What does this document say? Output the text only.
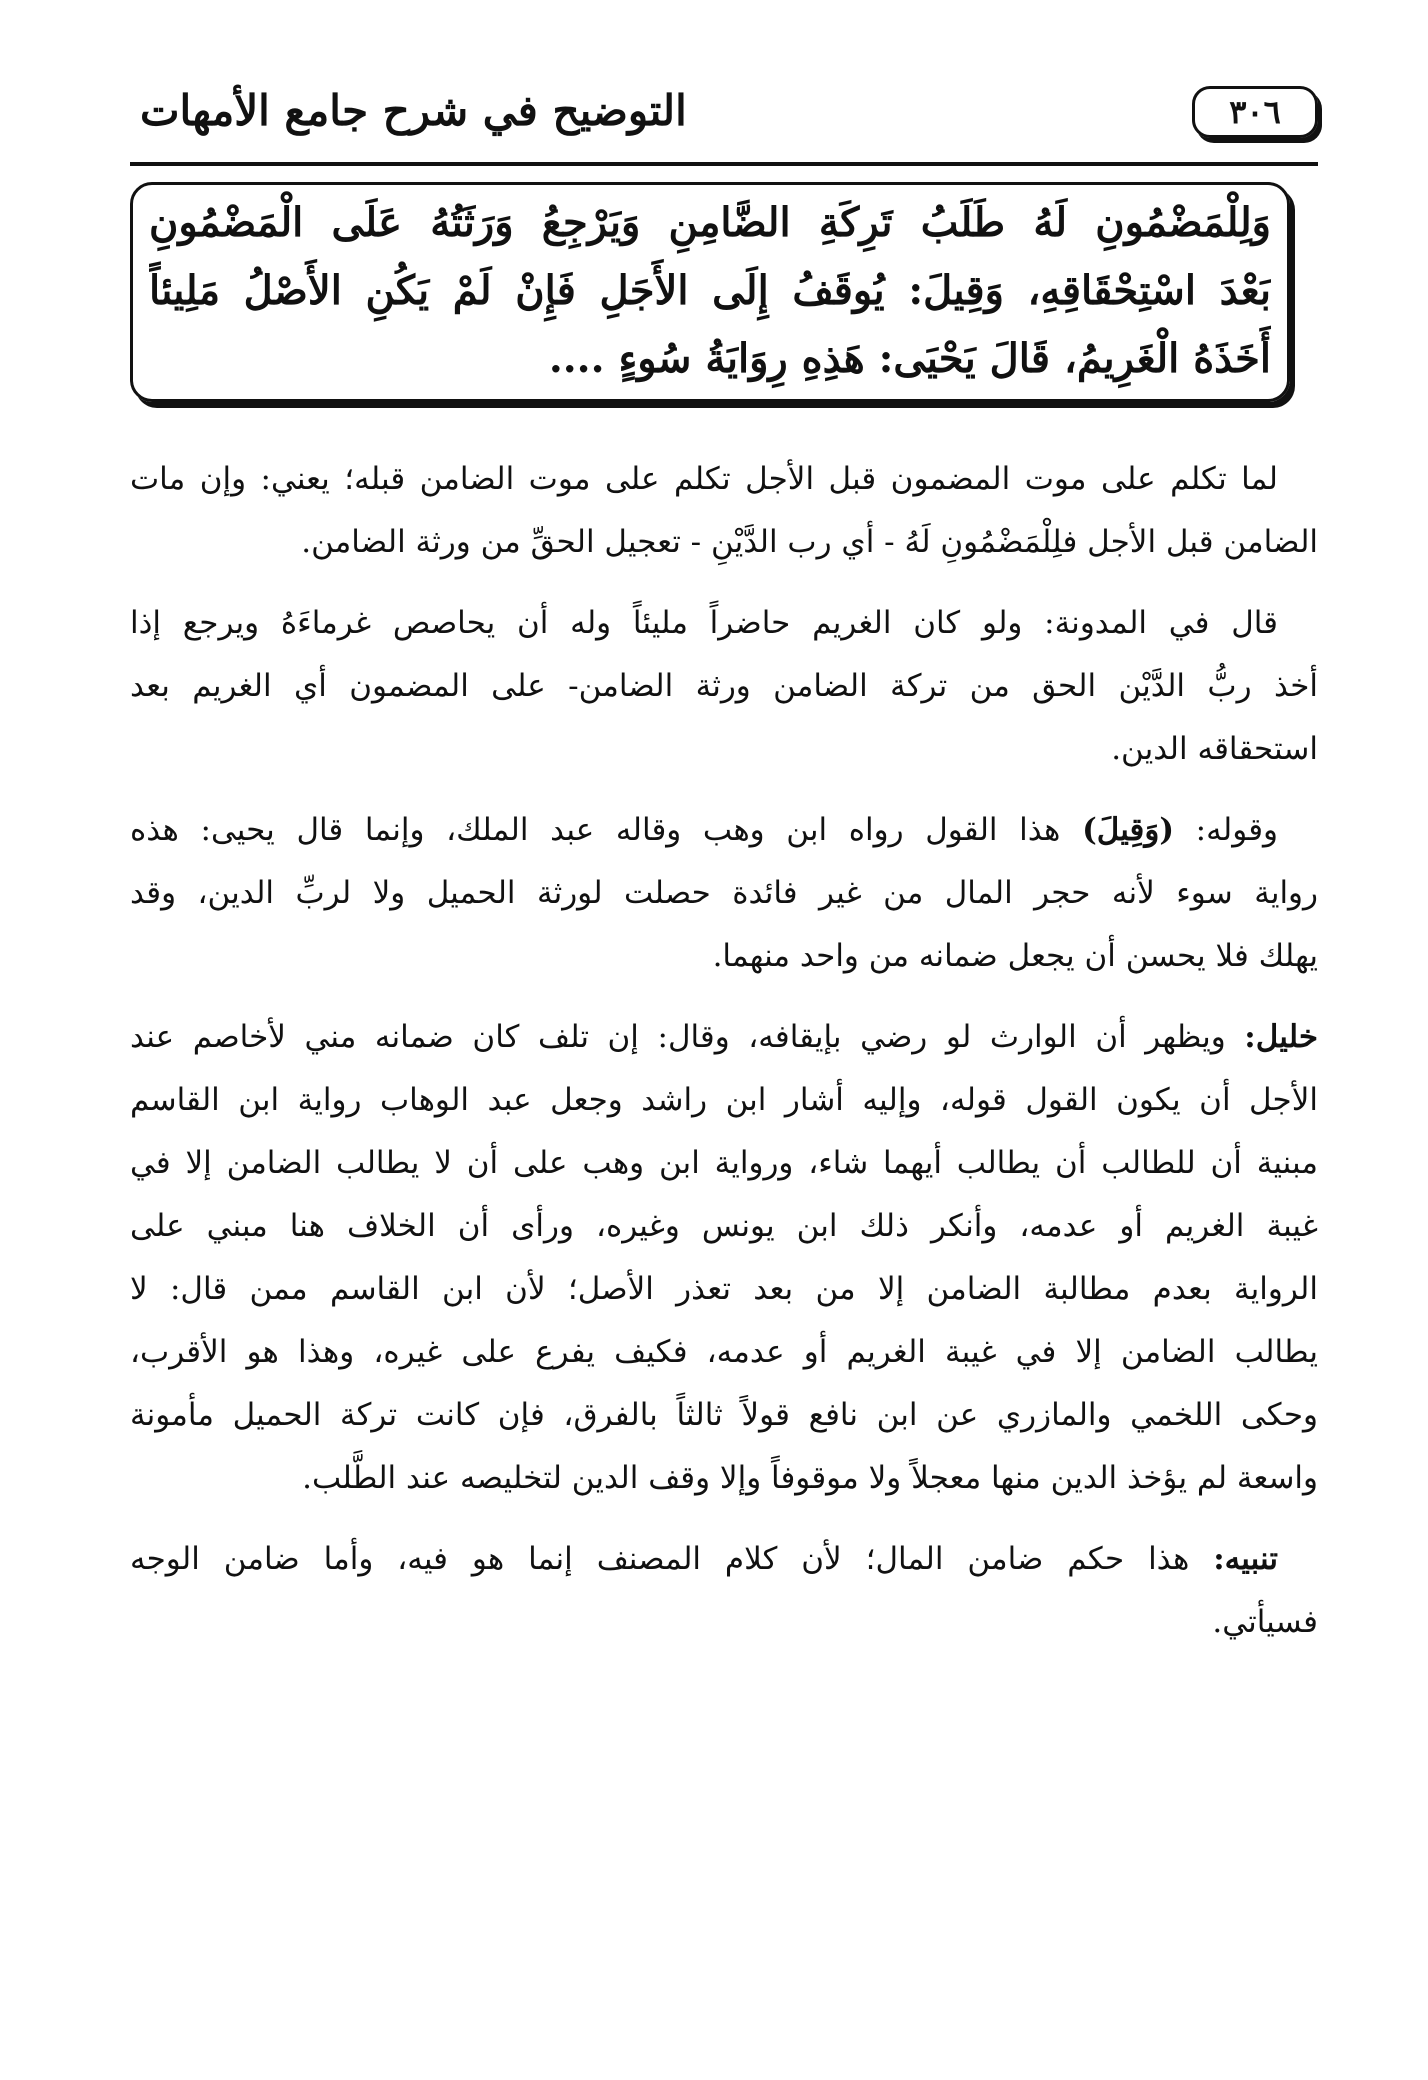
٣٠٦
التوضيح في شرح جامع الأمهات
وَلِلْمَضْمُونِ لَهُ طَلَبُ تَرِكَةِ الضَّامِنِ وَيَرْجِعُ وَرَثَتُهُ عَلَى الْمَضْمُونِ
بَعْدَ اسْتِحْقَاقِهِ، وَقِيلَ: يُوقَفُ إِلَى الأَجَلِ فَإِنْ لَمْ يَكُنِ الأَصْلُ مَلِيئاً
أَخَذَهُ الْغَرِيمُ، قَالَ يَحْيَى: هَذِهِ رِوَايَةُ سُوءٍ ....
لما تكلم على موت المضمون قبل الأجل تكلم على موت الضامن قبله؛ يعني: وإن مات
الضامن قبل الأجل فلِلْمَضْمُونِ لَهُ - أي رب الدَّيْنِ - تعجيل الحقِّ من ورثة الضامن.
قال في المدونة: ولو كان الغريم حاضراً مليئاً وله أن يحاصص غرماءَهُ ويرجع إذا
أخذ ربُّ الدَّيْن الحق من تركة الضامن ورثة الضامن- على المضمون أي الغريم بعد
استحقاقه الدين.
وقوله: (وَقِيلَ) هذا القول رواه ابن وهب وقاله عبد الملك، وإنما قال يحيى: هذه
رواية سوء لأنه حجر المال من غير فائدة حصلت لورثة الحميل ولا لربِّ الدين، وقد
يهلك فلا يحسن أن يجعل ضمانه من واحد منهما.
خليل: ويظهر أن الوارث لو رضي بإيقافه، وقال: إن تلف كان ضمانه مني لأخاصم عند
الأجل أن يكون القول قوله، وإليه أشار ابن راشد وجعل عبد الوهاب رواية ابن القاسم
مبنية أن للطالب أن يطالب أيهما شاء، ورواية ابن وهب على أن لا يطالب الضامن إلا في
غيبة الغريم أو عدمه، وأنكر ذلك ابن يونس وغيره، ورأى أن الخلاف هنا مبني على
الرواية بعدم مطالبة الضامن إلا من بعد تعذر الأصل؛ لأن ابن القاسم ممن قال: لا
يطالب الضامن إلا في غيبة الغريم أو عدمه، فكيف يفرع على غيره، وهذا هو الأقرب،
وحكى اللخمي والمازري عن ابن نافع قولاً ثالثاً بالفرق، فإن كانت تركة الحميل مأمونة
واسعة لم يؤخذ الدين منها معجلاً ولا موقوفاً وإلا وقف الدين لتخليصه عند الطَّلب.
تنبيه: هذا حكم ضامن المال؛ لأن كلام المصنف إنما هو فيه، وأما ضامن الوجه
فسيأتي.
